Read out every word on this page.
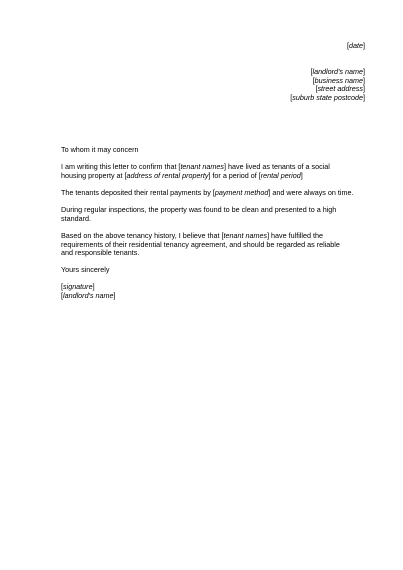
[date]
[landlord's name]
[business name]
[street address]
[suburb state postcode]
To whom it may concern
I am writing this letter to confirm that [tenant names] have lived as tenants of a social
housing property at [address of rental property] for a period of [rental period]
The tenants deposited their rental payments by [payment method] and were always on time.
During regular inspections, the property was found to be clean and presented to a high
standard.
Based on the above tenancy history, I believe that [tenant names] have fulfilled the
requirements of their residential tenancy agreement, and should be regarded as reliable
and responsible tenants.
Yours sincerely
[signature]
[landlord's name]
